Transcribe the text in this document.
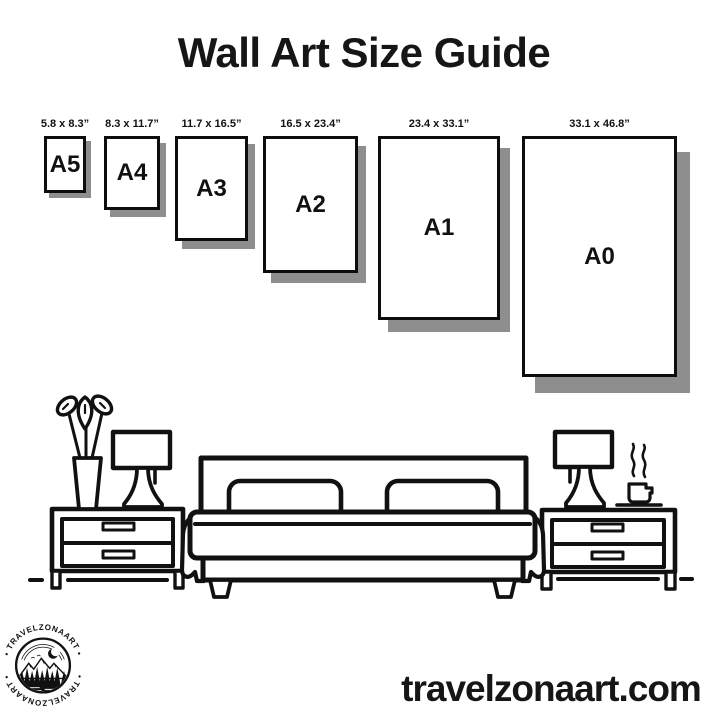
Wall Art Size Guide
5.8 x 8.3”
A5
8.3 x 11.7”
A4
11.7 x 16.5”
A3
16.5 x 23.4”
A2
23.4 x 33.1”
A1
33.1 x 46.8”
A0
• TRAVELZONAART •
• TRAVELZONAART •	travelzonaart.com
